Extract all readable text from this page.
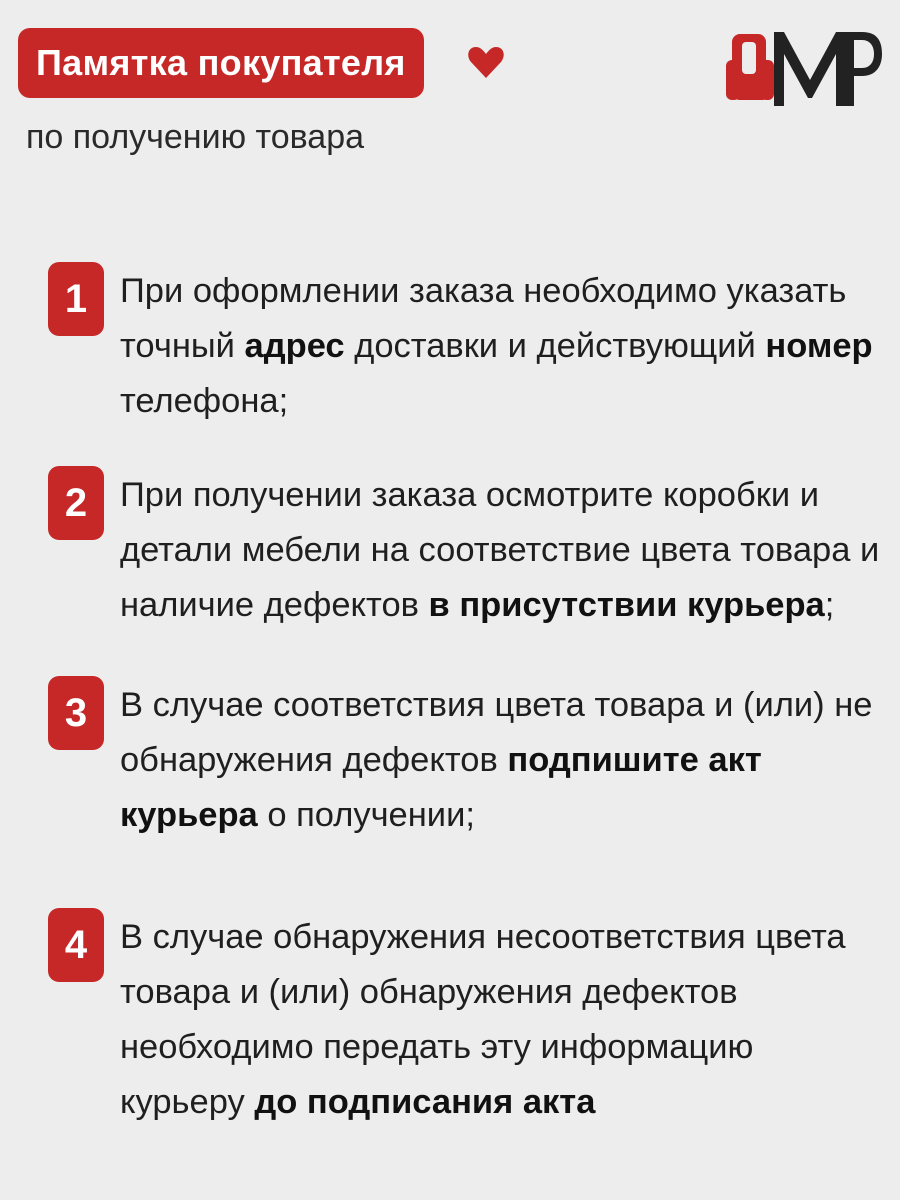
Памятка покупателя
по получению товара
1 При оформлении заказа необходимо указать точный адрес доставки и действующий номер телефона;
2 При получении заказа осмотрите коробки и детали мебели на соответствие цвета товара и наличие дефектов в присутствии курьера;
3 В случае соответствия цвета товара и (или) не обнаружения дефектов подпишите акт курьера о получении;
4 В случае обнаружения несоответствия цвета товара и (или) обнаружения дефектов необходимо передать эту информацию курьеру до подписания акта
